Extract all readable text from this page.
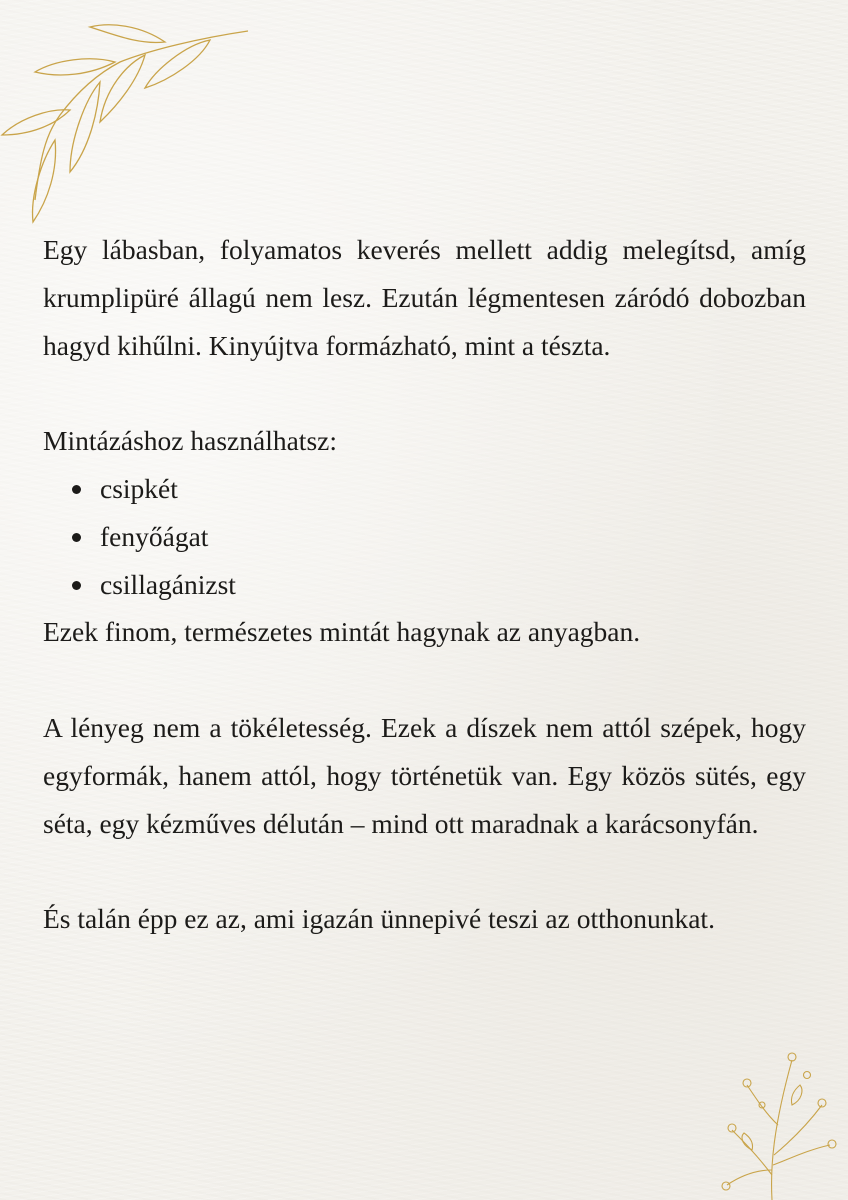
Egy lábasban, folyamatos keverés mellett addig melegítsd, amíg krumplipüré állagú nem lesz. Ezután légmentesen záródó dobozban hagyd kihűlni. Kinyújtva formázható, mint a tészta.

Mintázáshoz használhatsz:
csipkét
fenyőágat
csillagánizst
Ezek finom, természetes mintát hagynak az anyagban.

A lényeg nem a tökéletesség. Ezek a díszek nem attól szépek, hogy egyformák, hanem attól, hogy történetük van. Egy közös sütés, egy séta, egy kézműves délután – mind ott maradnak a karácsonyfán.

És talán épp ez az, ami igazán ünnepivé teszi az otthonunkat.
